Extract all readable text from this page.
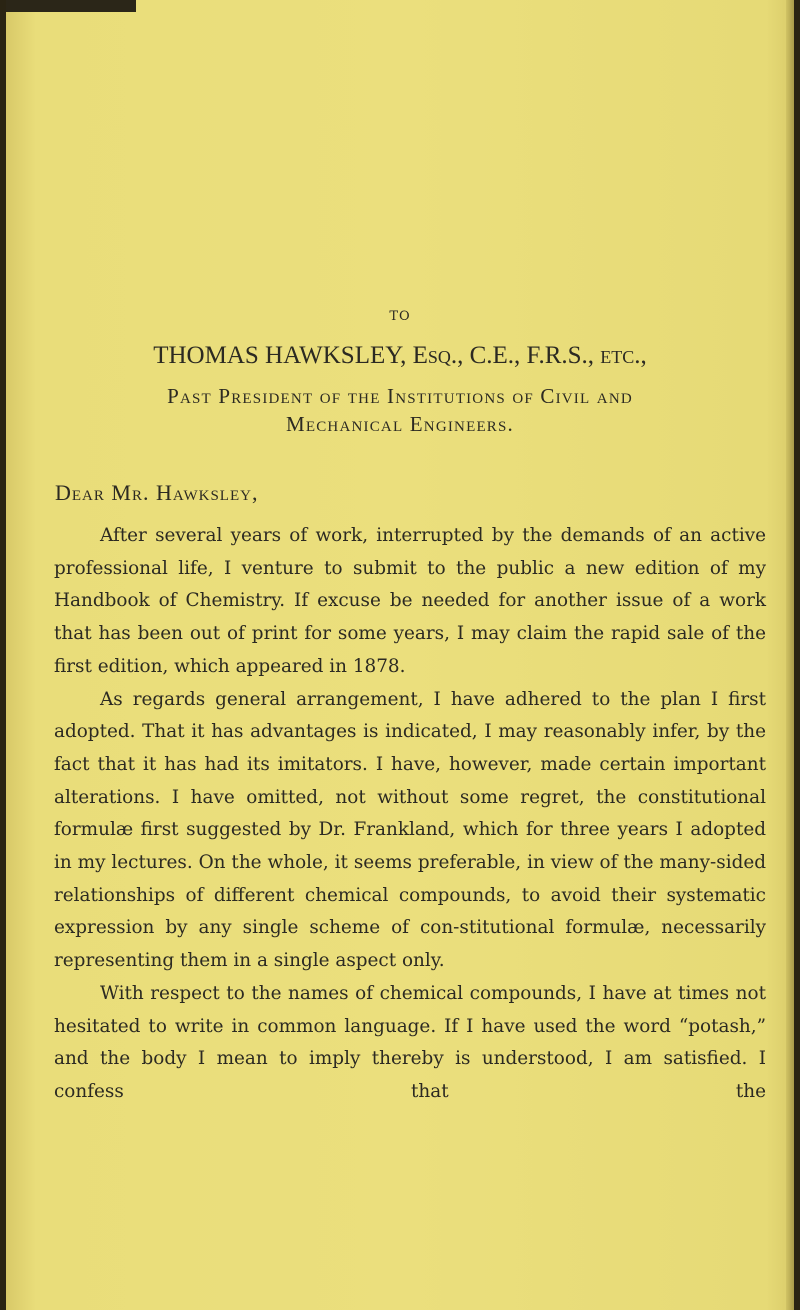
TO
THOMAS HAWKSLEY, Esq., C.E., F.R.S., etc.,
Past President of the Institutions of Civil and
Mechanical Engineers.
Dear Mr. Hawksley,

After several years of work, interrupted by the demands of an active professional life, I venture to submit to the public a new edition of my Handbook of Chemistry. If excuse be needed for another issue of a work that has been out of print for some years, I may claim the rapid sale of the first edition, which appeared in 1878.

As regards general arrangement, I have adhered to the plan I first adopted. That it has advantages is indicated, I may reasonably infer, by the fact that it has had its imitators. I have, however, made certain important alterations. I have omitted, not without some regret, the constitutional formulæ first suggested by Dr. Frankland, which for three years I adopted in my lectures. On the whole, it seems preferable, in view of the many-sided relationships of different chemical compounds, to avoid their systematic expression by any single scheme of con-stitutional formulæ, necessarily representing them in a single aspect only.

With respect to the names of chemical compounds, I have at times not hesitated to write in common language. If I have used the word “potash,” and the body I mean to imply thereby is understood, I am satisfied. I confess that the
